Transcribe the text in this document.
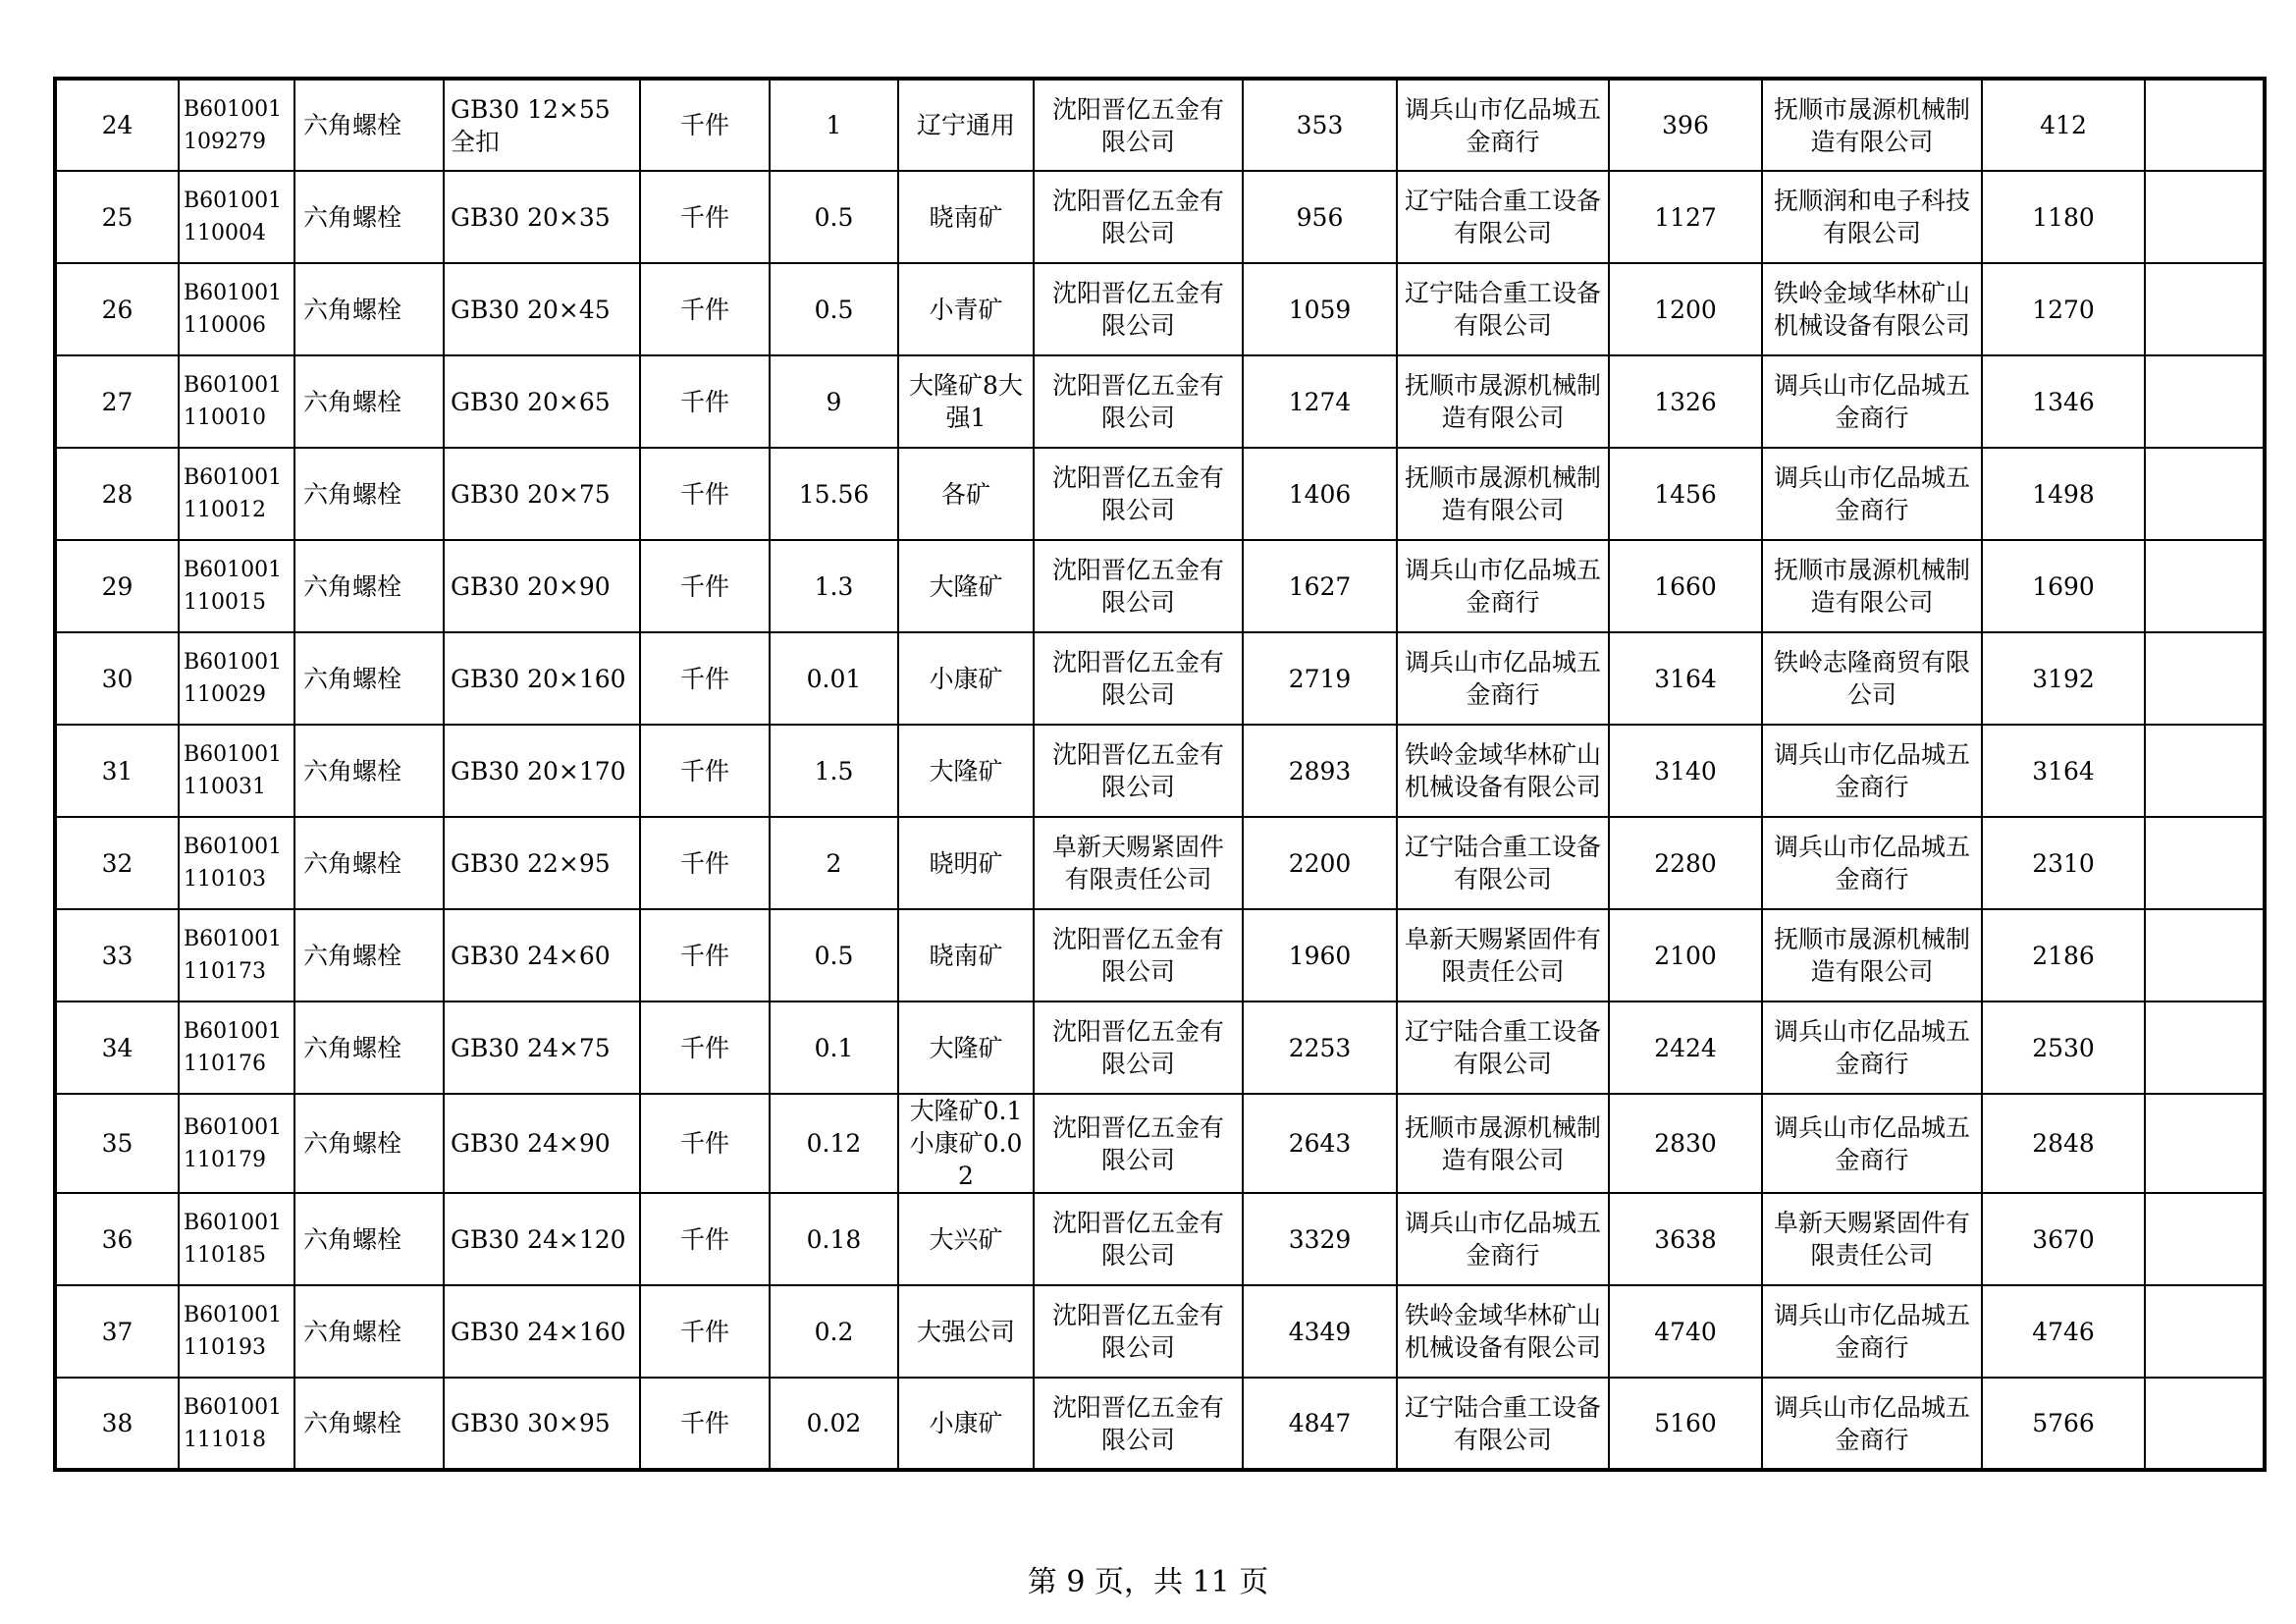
24	B601001109279	六角螺栓	GB30 12×55全扣	千件	1	辽宁通用	沈阳晋亿五金有限公司	353	调兵山市亿品城五金商行	396	抚顺市晟源机械制造有限公司	412	
25	B601001110004	六角螺栓	GB30 20×35	千件	0.5	晓南矿	沈阳晋亿五金有限公司	956	辽宁陆合重工设备有限公司	1127	抚顺润和电子科技有限公司	1180	
26	B601001110006	六角螺栓	GB30 20×45	千件	0.5	小青矿	沈阳晋亿五金有限公司	1059	辽宁陆合重工设备有限公司	1200	铁岭金域华林矿山机械设备有限公司	1270	
27	B601001110010	六角螺栓	GB30 20×65	千件	9	大隆矿8大强1	沈阳晋亿五金有限公司	1274	抚顺市晟源机械制造有限公司	1326	调兵山市亿品城五金商行	1346	
28	B601001110012	六角螺栓	GB30 20×75	千件	15.56	各矿	沈阳晋亿五金有限公司	1406	抚顺市晟源机械制造有限公司	1456	调兵山市亿品城五金商行	1498	
29	B601001110015	六角螺栓	GB30 20×90	千件	1.3	大隆矿	沈阳晋亿五金有限公司	1627	调兵山市亿品城五金商行	1660	抚顺市晟源机械制造有限公司	1690	
30	B601001110029	六角螺栓	GB30 20×160	千件	0.01	小康矿	沈阳晋亿五金有限公司	2719	调兵山市亿品城五金商行	3164	铁岭志隆商贸有限公司	3192	
31	B601001110031	六角螺栓	GB30 20×170	千件	1.5	大隆矿	沈阳晋亿五金有限公司	2893	铁岭金域华林矿山机械设备有限公司	3140	调兵山市亿品城五金商行	3164	
32	B601001110103	六角螺栓	GB30 22×95	千件	2	晓明矿	阜新天赐紧固件有限责任公司	2200	辽宁陆合重工设备有限公司	2280	调兵山市亿品城五金商行	2310	
33	B601001110173	六角螺栓	GB30 24×60	千件	0.5	晓南矿	沈阳晋亿五金有限公司	1960	阜新天赐紧固件有限责任公司	2100	抚顺市晟源机械制造有限公司	2186	
34	B601001110176	六角螺栓	GB30 24×75	千件	0.1	大隆矿	沈阳晋亿五金有限公司	2253	辽宁陆合重工设备有限公司	2424	调兵山市亿品城五金商行	2530	
35	B601001110179	六角螺栓	GB30 24×90	千件	0.12	大隆矿0.1小康矿0.02	沈阳晋亿五金有限公司	2643	抚顺市晟源机械制造有限公司	2830	调兵山市亿品城五金商行	2848	
36	B601001110185	六角螺栓	GB30 24×120	千件	0.18	大兴矿	沈阳晋亿五金有限公司	3329	调兵山市亿品城五金商行	3638	阜新天赐紧固件有限责任公司	3670	
37	B601001110193	六角螺栓	GB30 24×160	千件	0.2	大强公司	沈阳晋亿五金有限公司	4349	铁岭金域华林矿山机械设备有限公司	4740	调兵山市亿品城五金商行	4746	
38	B601001111018	六角螺栓	GB30 30×95	千件	0.02	小康矿	沈阳晋亿五金有限公司	4847	辽宁陆合重工设备有限公司	5160	调兵山市亿品城五金商行	5766	
第 9 页，共 11 页
